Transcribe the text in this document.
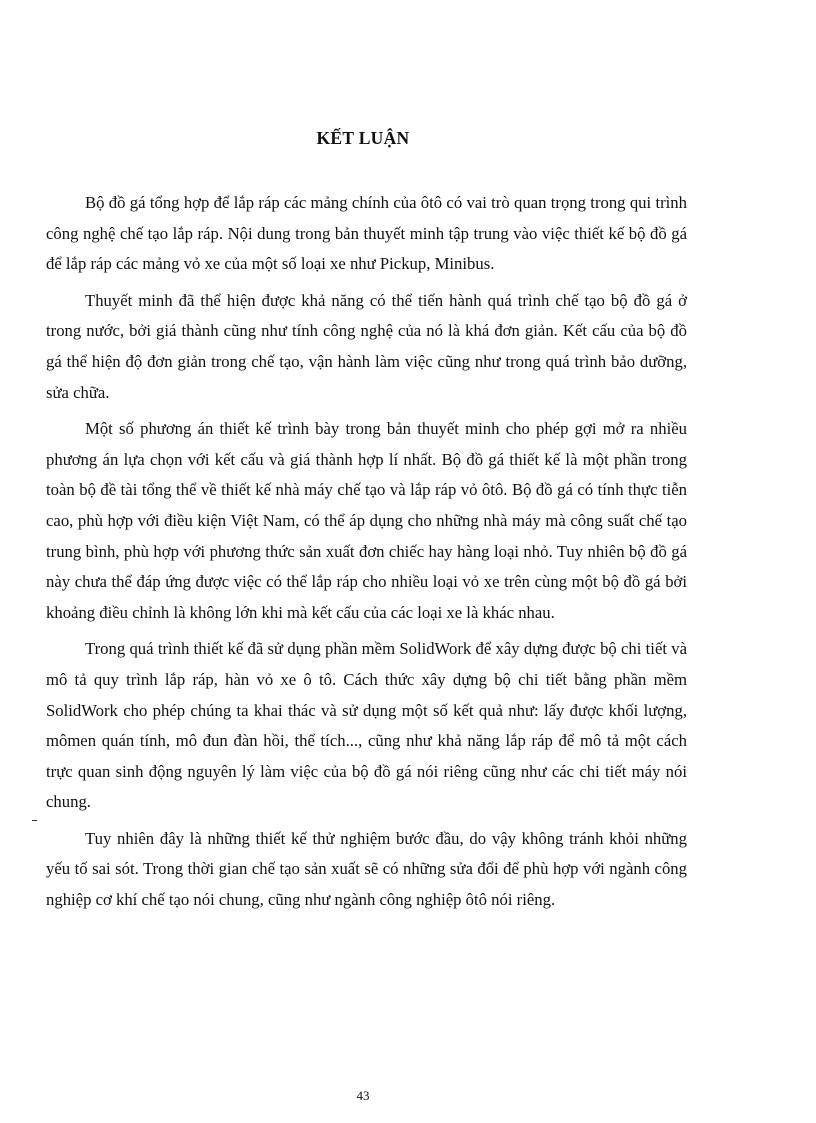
KẾT LUẬN

Bộ đồ gá tổng hợp để lắp ráp các mảng chính của ôtô có vai trò quan trọng trong qui trình công nghệ chế tạo lắp ráp. Nội dung trong bản thuyết minh tập trung vào việc thiết kế bộ đồ gá để lắp ráp các mảng vỏ xe của một số loại xe như Pickup, Minibus.

Thuyết minh đã thể hiện được khả năng có thể tiến hành quá trình chế tạo bộ đồ gá ở trong nước, bởi giá thành cũng như tính công nghệ của nó là khá đơn giản. Kết cấu của bộ đồ gá thể hiện độ đơn giản trong chế tạo, vận hành làm việc cũng như trong quá trình bảo dưỡng, sửa chữa.

Một số phương án thiết kế trình bày trong bản thuyết minh cho phép gợi mở ra nhiều phương án lựa chọn với kết cấu và giá thành hợp lí nhất. Bộ đồ gá thiết kế là một phần trong toàn bộ đề tài tổng thể về thiết kế nhà máy chế tạo và lắp ráp vỏ ôtô. Bộ đồ gá có tính thực tiễn cao, phù hợp với điều kiện Việt Nam, có thể áp dụng cho những nhà máy mà công suất chế tạo trung bình, phù hợp với phương thức sản xuất đơn chiếc hay hàng loại nhỏ. Tuy nhiên bộ đồ gá này chưa thể đáp ứng được việc có thể lắp ráp cho nhiều loại vỏ xe trên cùng một bộ đồ gá bởi khoảng điều chỉnh là không lớn khi mà kết cấu của các loại xe là khác nhau.

Trong quá trình thiết kế đã sử dụng phần mềm SolidWork để xây dựng được bộ chi tiết và mô tả quy trình lắp ráp, hàn vỏ xe ô tô. Cách thức xây dựng bộ chi tiết bằng phần mềm SolidWork cho phép chúng ta khai thác và sử dụng một số kết quả như: lấy được khối lượng, mômen quán tính, mô đun đàn hồi, thể tích..., cũng như khả năng lắp ráp để mô tả một cách trực quan sinh động nguyên lý làm việc của bộ đồ gá nói riêng cũng như các chi tiết máy nói chung.

Tuy nhiên đây là những thiết kế thử nghiệm bước đầu, do vậy không tránh khỏi những yếu tố sai sót. Trong thời gian chế tạo sản xuất sẽ có những sửa đổi để phù hợp với ngành công nghiệp cơ khí chế tạo nói chung, cũng như ngành công nghiệp ôtô nói riêng.

43
